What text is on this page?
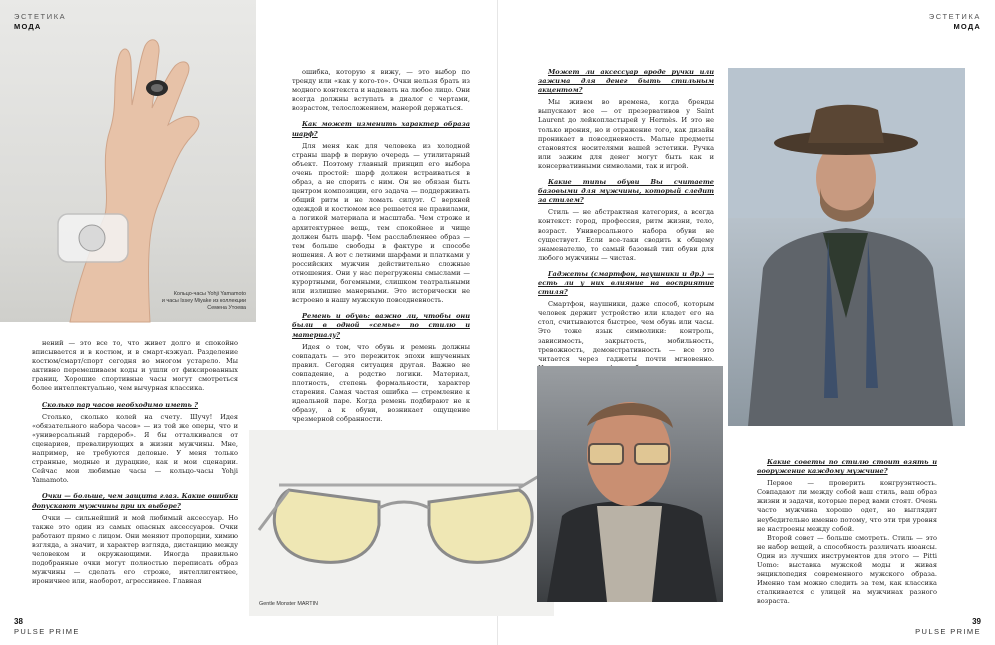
Кольцо-часы Yohji Yamamoto
и часы Issey Miyake из коллекции
Семена Утоева
ЭСТЕТИКА
МОДА

нений — это все то, что живет долго и спокойно вписывается и в костюм, и в смарт-кэжуал. Разделение костюм/смарт/спорт сегодня во многом устарело. Мы активно перемешиваем коды и ушли от фиксированных границ. Хорошие спортивные часы могут смотреться более интеллектуально, чем вычурная классика.

Сколько пар часов необходимо иметь ?

Столько, сколько колей на счету. Шучу! Идея «обязательного набора часов» — из той же оперы, что и «универсальный гардероб». Я бы отталкивался от сценариев, превалирующих в жизни мужчины. Мне, например, не требуются деловые. У меня только странные, модные и дурацкие, как и мои сценарии. Сейчас мои любимые часы — кольцо-часы Yohji Yamamoto.

Очки — больше, чем защита глаз. Какие ошибки допускают мужчины при их выборе?

Очки — сильнейший и мой любимый аксессуар. Но также это один из самых опасных аксессуаров. Очки работают прямо с лицом. Они меняют пропорции, химию взгляда, а значит, и характер взгляда, дистанцию между человеком и окружающими. Иногда правильно подобранные очки могут полностью переписать образ мужчины — сделать его строже, интеллигентнее, ироничнее или, наоборот, агрессивнее. Главная

ошибка, которую я вижу, — это выбор по тренду или «как у кого-то». Очки нельзя брать из модного контекста и надевать на любое лицо. Они всегда должны вступать в диалог с чертами, возрастом, телосложением, манерой держаться.

Как может изменить характер образа шарф?

Для меня как для человека из холодной страны шарф в первую очередь — утилитарный объект. Поэтому главный принцип его выбора очень простой: шарф должен встраиваться в образ, а не спорить с ним. Он не обязан быть центром композиции, его задача — поддерживать общий ритм и не ломать силуэт. С верхней одеждой и костюмом все решается не правилами, а логикой материала и масштаба. Чем строже и архитектурнее вещь, тем спокойнее и чище должен быть шарф. Чем расслабленнее образ — тем больше свободы в фактуре и способе ношения. А вот с летними шарфами и платками у российских мужчин действительно сложные отношения. Они у нас перегружены смыслами — курортными, богемными, слишком театральными или излишне манерными. Это исторически не встроено в нашу мужскую повседневность.

Ремень и обувь: важно ли, чтобы они были в одной «семье» по стилю и материалу?

Идея о том, что обувь и ремень должны совпадать — это пережиток эпохи вшученных правил. Сегодня ситуация другая. Важно не совпадение, а родство логики. Материал, плотность, степень формальности, характер старения. Самая частая ошибка — стремление к идеальной паре. Когда ремень подбирают не к образу, а к обуви, возникает ощущение чрезмерной собранности.

Gentle Monster MARTIN
38
PULSE PRIME
ЭСТЕТИКА
МОДА

Может ли аксессуар вроде ручки или зажима для денег быть стильным акцентом?

Мы живем во времена, когда бренды выпускают все — от презервативов у Saint Laurent до лейкопластырей у Hermès. И это не только ирония, но и отражение того, как дизайн проникает в повседневность. Малые предметы становятся носителями вашей эстетики. Ручка или зажим для денег могут быть как и консервативными символами, так и игрой.

Какие типы обуви Вы считаете базовыми для мужчины, который следит за стилем?

Стиль — не абстрактная категория, а всегда контекст: город, профессия, ритм жизни, тело, возраст. Универсального набора обуви не существует. Если все-таки сводить к общему знаменателю, то самый базовый тип обуви для любого мужчины — чистая.

Гаджеты (смартфон, наушники и др.) — есть ли у них влияние на восприятие стиля?

Смартфон, наушники, даже способ, которым человек держит устройство или кладет его на стол, считываются быстрее, чем обувь или часы. Это тоже язык символики: контроль, зависимость, закрытость, мобильность, тревожность, демонстративность — все это читается через гаджеты почти мгновенно.

Какие советы по стилю стоит взять и вооружение каждому мужчине?

Первое — проверить конгруэнтность. Совпадают ли между собой ваш стиль, ваш образ жизни и задачи, которые перед вами стоят. Очень часто мужчина хорошо одет, но выглядит неубедительно именно потому, что эти три уровня не настроены между собой.

Второй совет — больше смотреть. Стиль — это не набор вещей, а способность различать нюансы. Один из лучших инструментов для этого — Pitti Uomo: выставка мужской моды и живая энциклопедия современного мужского образа. Именно там можно следить за тем, как классика сталкивается с улицей на мужчинах разного возраста.

39
PULSE PRIME
